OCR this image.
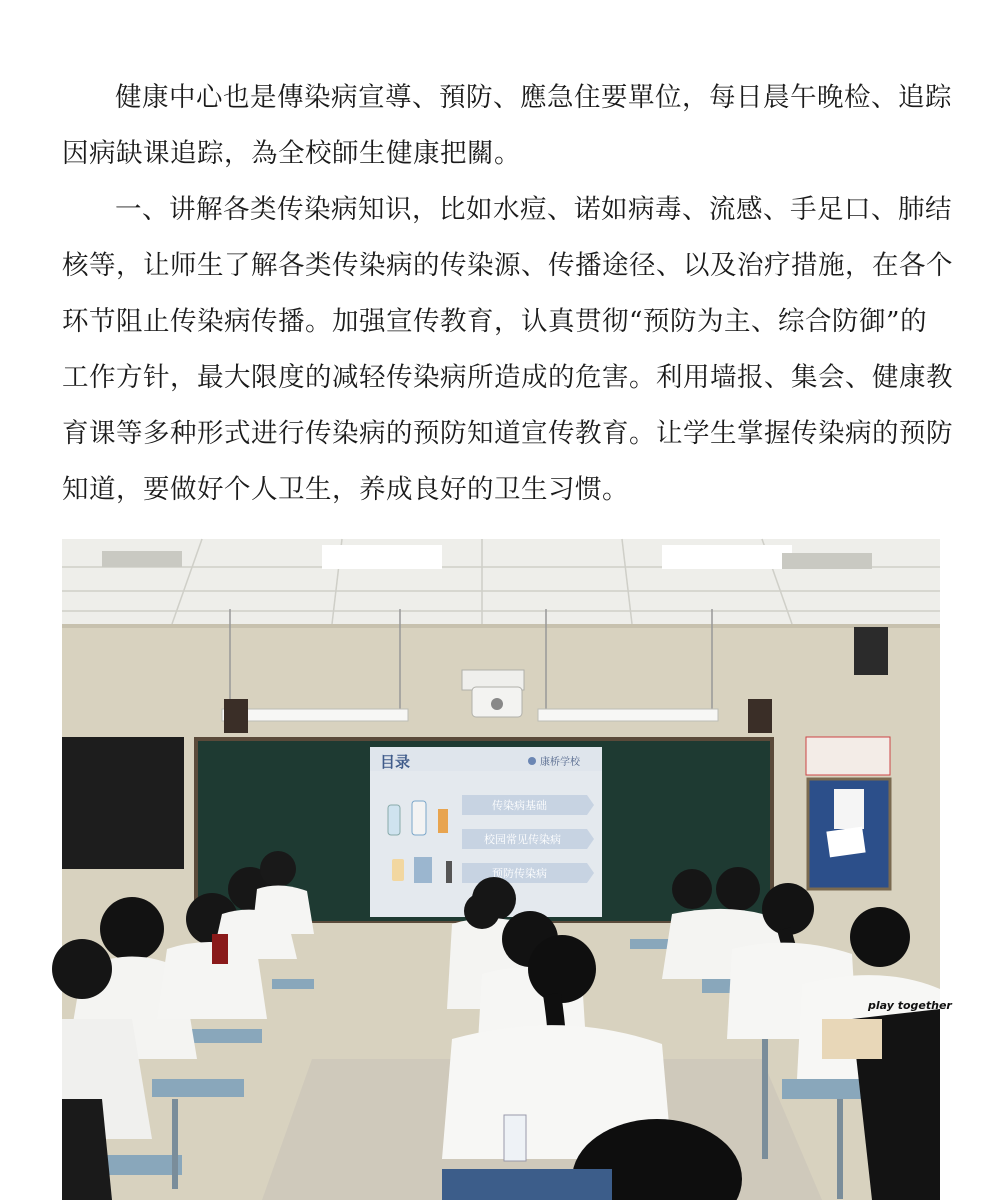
健康中心也是傳染病宣導、預防、應急住要單位，每日晨午晚检、追踪
因病缺课追踪，為全校師生健康把關。
一、讲解各类传染病知识，比如水痘、诺如病毒、流感、手足口、肺结
核等，让师生了解各类传染病的传染源、传播途径、以及治疗措施，在各个
环节阻止传染病传播。加强宣传教育，认真贯彻“预防为主、综合防御”的
工作方针，最大限度的减轻传染病所造成的危害。利用墙报、集会、健康教
育课等多种形式进行传染病的预防知道宣传教育。让学生掌握传染病的预防
知道，要做好个人卫生，养成良好的卫生习惯。
目录	康桥学校
传染病基础
校园常见传染病
预防传染病
play together
